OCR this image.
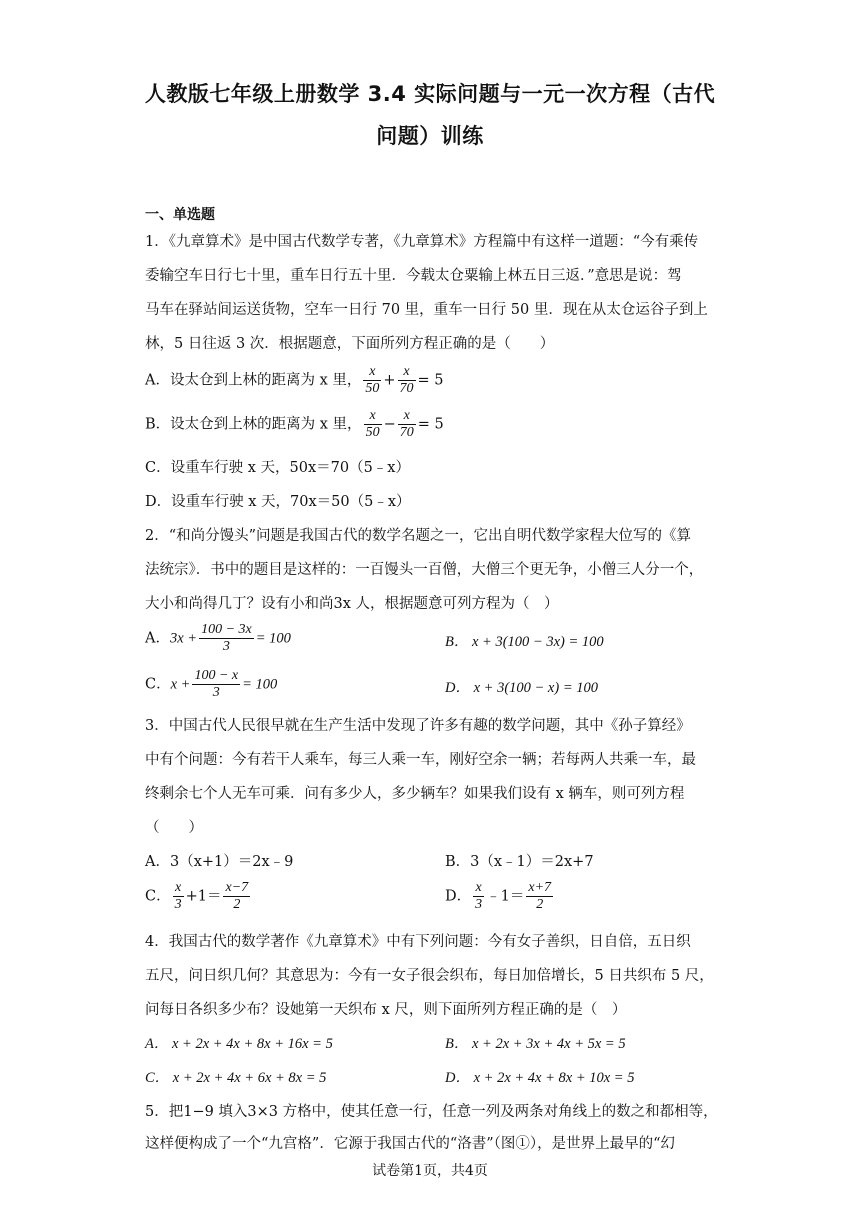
人教版七年级上册数学 3.4 实际问题与一元一次方程（古代
问题）训练
一、单选题
1．《九章算术》是中国古代数学专著，《九章算术》方程篇中有这样一道题：“今有乘传
委输空车日行七十里，重车日行五十里．今载太仓粟输上林五日三返．”意思是说：驾
马车在驿站间运送货物，空车一日行 70 里，重车一日行 50 里．现在从太仓运谷子到上
林，5 日往返 3 次．根据题意，下面所列方程正确的是（　　）
A．设太仓到上林的距离为 x 里， $\frac{x}{50} + \frac{x}{70} = 5$
B．设太仓到上林的距离为 x 里， $\frac{x}{50} - \frac{x}{70} = 5$
C．设重车行驶 x 天，50x＝70（5﹣x）
D．设重车行驶 x 天，70x＝50（5﹣x）
2．“和尚分馒头”问题是我国古代的数学名题之一，它出自明代数学家程大位写的《算
法统宗》．书中的题目是这样的：一百馒头一百僧，大僧三个更无争，小僧三人分一个，
大小和尚得几丁？设有小和尚3x 人，根据题意可列方程为（　）
A．$3x + \frac{100 - 3x}{3} = 100$	B． x + 3(100 − 3x) = 100
C．$x + \frac{100 - x}{3} = 100$	D． x + 3(100 − x) = 100
3．中国古代人民很早就在生产生活中发现了许多有趣的数学问题，其中《孙子算经》
中有个问题：今有若干人乘车，每三人乘一车，刚好空余一辆；若每两人共乘一车，最
终剩余七个人无车可乘．问有多少人，多少辆车？如果我们设有 x 辆车，则可列方程
（　　）
A．3（x+1）＝2x﹣9	B．3（x﹣1）＝2x+7
C． $\frac{x}{3} +1= \frac{x-7}{2}$	D． $\frac{x}{3}$ ﹣1＝ $\frac{x+7}{2}$
4．我国古代的数学著作《九章算术》中有下列问题：今有女子善织，日自倍，五日织
五尺，问日织几何？其意思为：今有一女子很会织布，每日加倍增长，5 日共织布 5 尺，
问每日各织多少布？设她第一天织布 x 尺，则下面所列方程正确的是（　）
A． x + 2x + 4x + 8x + 16x = 5	B． x + 2x + 3x + 4x + 5x = 5
C． x + 2x + 4x + 6x + 8x = 5	D． x + 2x + 4x + 8x + 10x = 5
5．把1−9 填入3×3 方格中，使其任意一行，任意一列及两条对角线上的数之和都相等，
这样便构成了一个“九宫格”．它源于我国古代的“洛書”（图①），是世界上最早的“幻
试卷第1页，共4页
